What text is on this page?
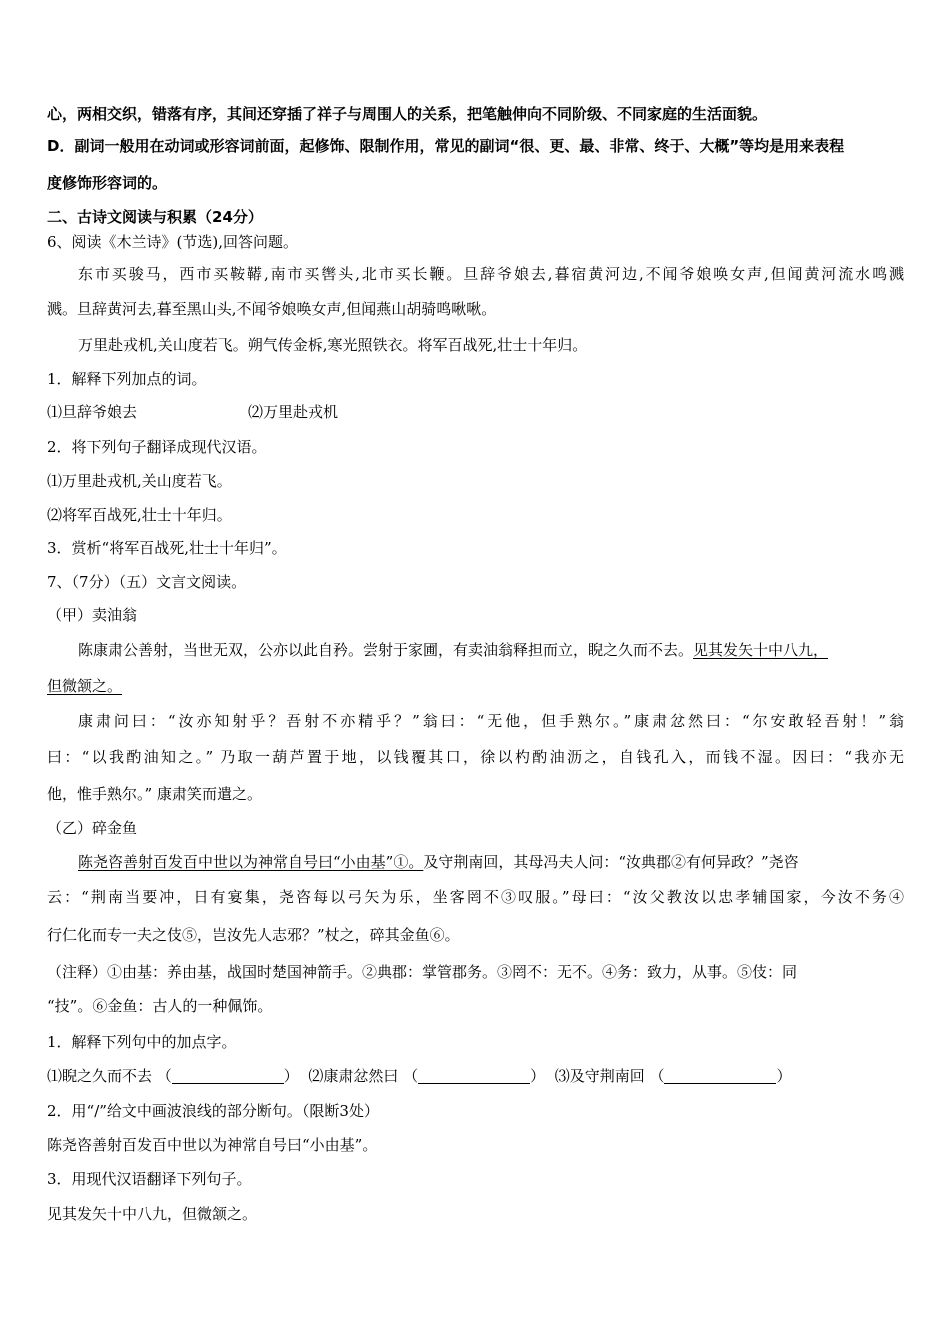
心，两相交织，错落有序，其间还穿插了祥子与周围人的关系，把笔触伸向不同阶级、不同家庭的生活面貌。
D．副词一般用在动词或形容词前面，起修饰、限制作用，常见的副词“很、更、最、非常、终于、大概”等均是用来表程
度修饰形容词的。
二、古诗文阅读与积累（24分）
6、阅读《木兰诗》(节选),回答问题。
东市买骏马，西市买鞍鞯,南市买辔头,北市买长鞭。旦辞爷娘去,暮宿黄河边,不闻爷娘唤女声,但闻黄河流水鸣溅
溅。旦辞黄河去,暮至黑山头,不闻爷娘唤女声,但闻燕山胡骑鸣啾啾。
万里赴戎机,关山度若飞。朔气传金柝,寒光照铁衣。将军百战死,壮士十年归。
1．解释下列加点的词。
⑴旦辞爷娘去	⑵万里赴戎机
2．将下列句子翻译成现代汉语。
⑴万里赴戎机,关山度若飞。
⑵将军百战死,壮士十年归。
3．赏析“将军百战死,壮士十年归”。
7、（7分）（五）文言文阅读。
（甲）卖油翁
陈康肃公善射，当世无双，公亦以此自矜。尝射于家圃，有卖油翁释担而立，睨之久而不去。见其发矢十中八九，
但微颔之。
康肃问曰：“汝亦知射乎？吾射不亦精乎？”翁曰：“无他，但手熟尔。”康肃忿然曰：“尔安敢轻吾射！”翁
曰：“以我酌油知之。” 乃取一葫芦置于地，以钱覆其口，徐以杓酌油沥之，自钱孔入，而钱不湿。因曰：“我亦无
他，惟手熟尔。” 康肃笑而遣之。
（乙）碎金鱼
陈尧咨善射百发百中世以为神常自号曰“小由基”①。及守荆南回，其母冯夫人问：“汝典郡②有何异政？”尧咨
云：“荆南当要冲，日有宴集，尧咨每以弓矢为乐，坐客罔不③叹服。”母曰：“汝父教汝以忠孝辅国家，今汝不务④
行仁化而专一夫之伎⑤，岂汝先人志邪？”杖之，碎其金鱼⑥。
（注释）①由基：养由基，战国时楚国神箭手。②典郡：掌管郡务。③罔不：无不。④务：致力，从事。⑤伎：同
“技”。⑥金鱼：古人的一种佩饰。
1．解释下列句中的加点字。
⑴睨之久而不去 （	）  ⑵康肃忿然曰 （	）  ⑶及守荆南回 （	）
2．用“/”给文中画波浪线的部分断句。（限断3处）
陈尧咨善射百发百中世以为神常自号曰“小由基”。
3．用现代汉语翻译下列句子。
见其发矢十中八九，但微颔之。
